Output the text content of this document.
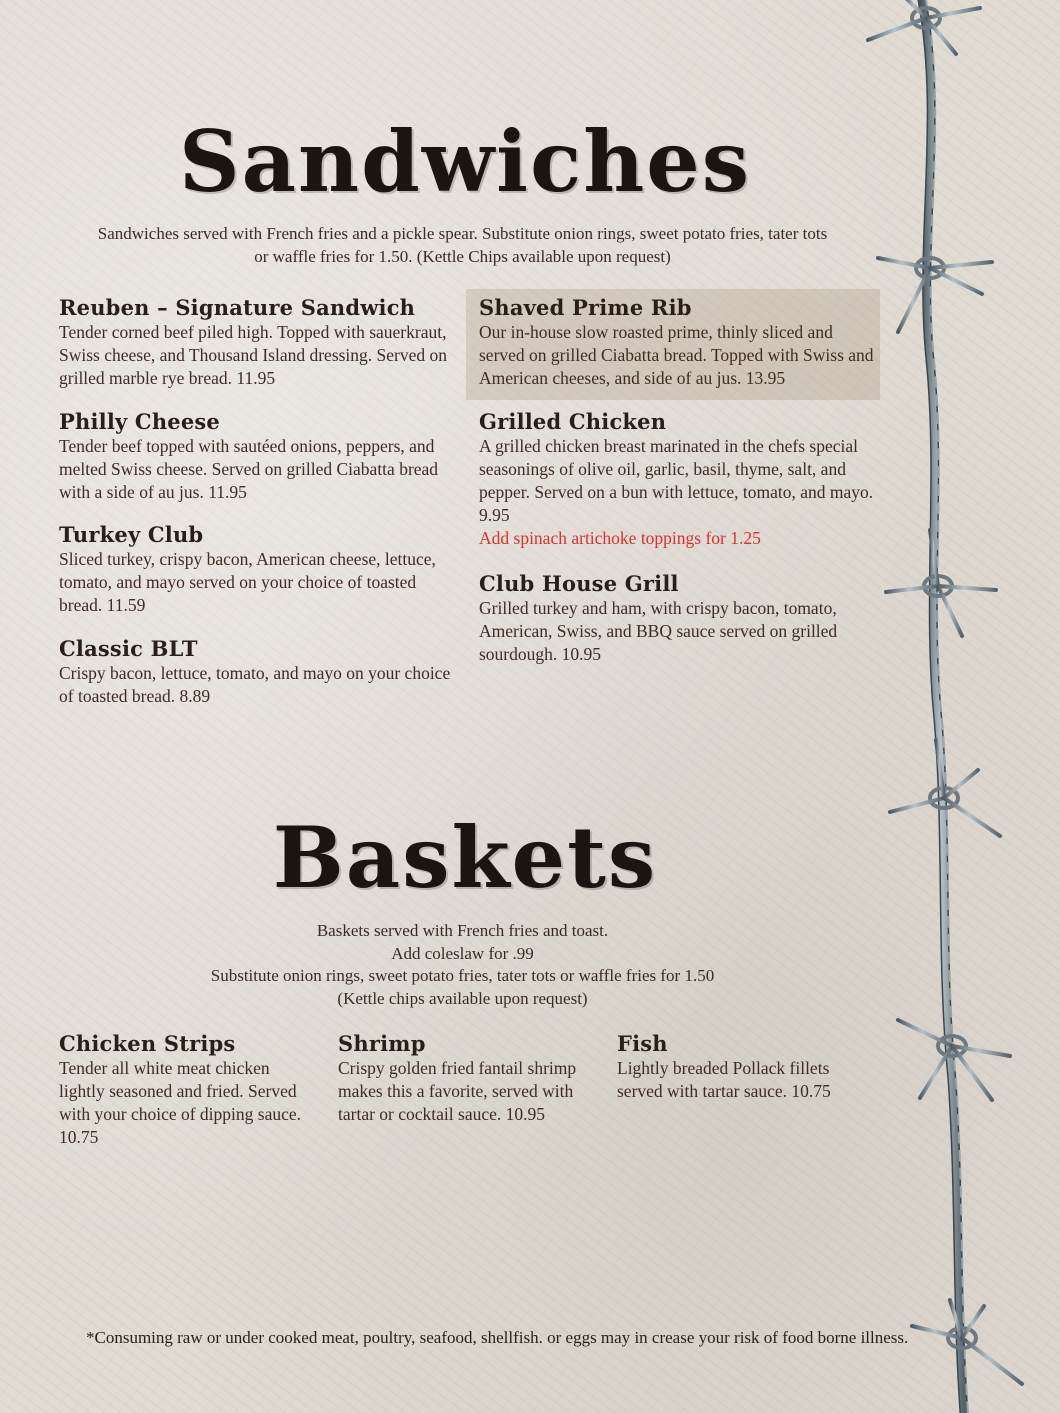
Sandwiches
Sandwiches served with French fries and a pickle spear. Substitute onion rings, sweet potato fries, tater tots
or waffle fries for 1.50. (Kettle Chips available upon request)
Reuben – Signature Sandwich
Tender corned beef piled high. Topped with sauerkraut, Swiss cheese, and Thousand Island dressing. Served on grilled marble rye bread. 11.95
Philly Cheese
Tender beef topped with sautéed onions, peppers, and melted Swiss cheese. Served on grilled Ciabatta bread with a side of au jus. 11.95
Turkey Club
Sliced turkey, crispy bacon, American cheese, lettuce, tomato, and mayo served on your choice of toasted bread. 11.59
Classic BLT
Crispy bacon, lettuce, tomato, and mayo on your choice of toasted bread. 8.89
Shaved Prime Rib
Our in-house slow roasted prime, thinly sliced and served on grilled Ciabatta bread. Topped with Swiss and American cheeses, and side of au jus. 13.95
Grilled Chicken
A grilled chicken breast marinated in the chefs special seasonings of olive oil, garlic, basil, thyme, salt, and pepper. Served on a bun with lettuce, tomato, and mayo. 9.95
Add spinach artichoke toppings for 1.25
Club House Grill
Grilled turkey and ham, with crispy bacon, tomato, American, Swiss, and BBQ sauce served on grilled sourdough. 10.95
Baskets
Baskets served with French fries and toast.
Add coleslaw for .99
Substitute onion rings, sweet potato fries, tater tots or waffle fries for 1.50
(Kettle chips available upon request)
Chicken Strips
Tender all white meat chicken lightly seasoned and fried. Served with your choice of dipping sauce. 10.75
Shrimp
Crispy golden fried fantail shrimp makes this a favorite, served with tartar or cocktail sauce. 10.95
Fish
Lightly breaded Pollack fillets served with tartar sauce. 10.75
*Consuming raw or under cooked meat, poultry, seafood, shellfish. or eggs may in crease your risk of food borne illness.
